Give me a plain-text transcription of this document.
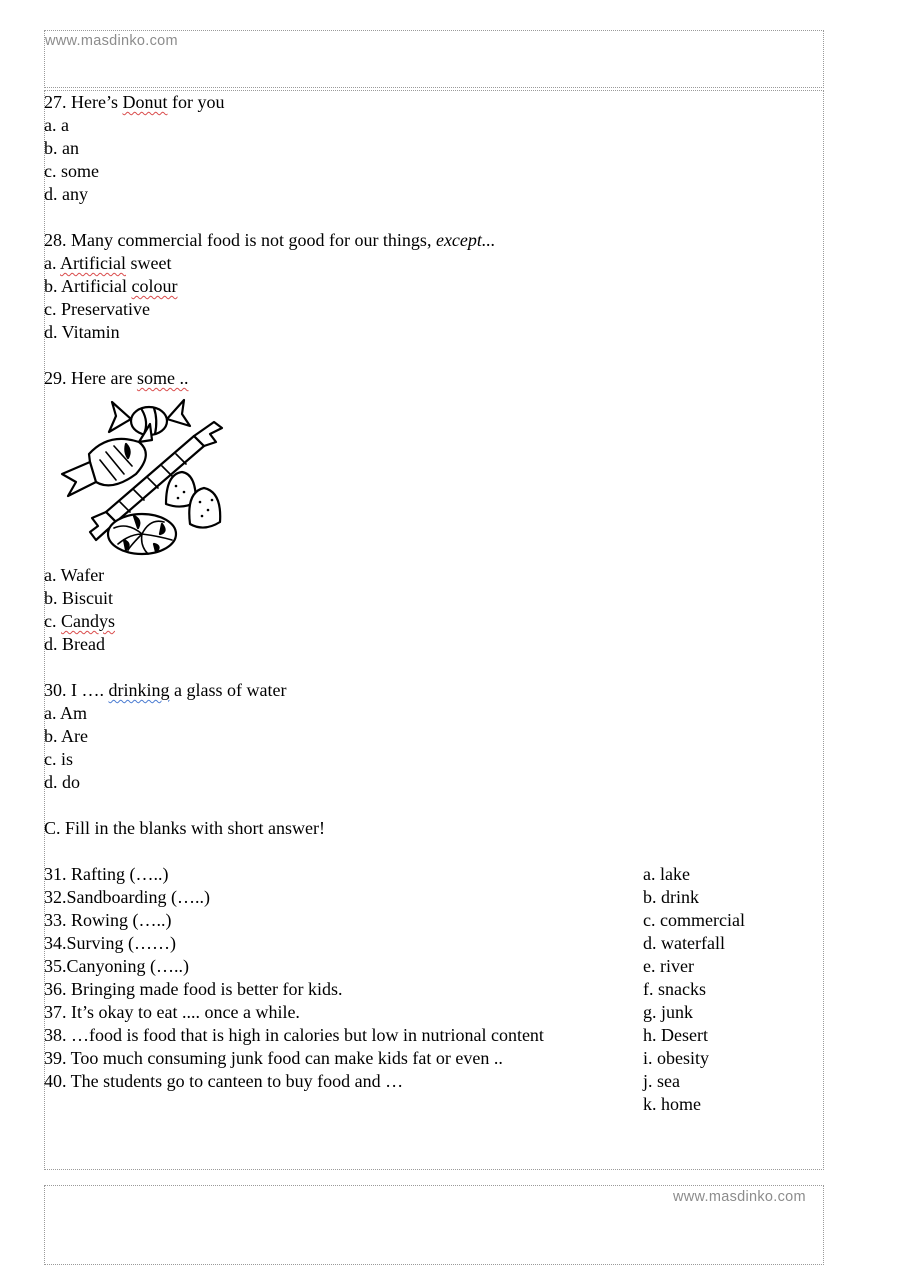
www.masdinko.com
www.masdinko.com
27. Here’s Donut for you
a. a
b. an
c. some
d. any
28. Many commercial food is not good for our things, except...
a. Artificial sweet
b. Artificial colour
c. Preservative
d. Vitamin
29. Here are some ..
a. Wafer
b. Biscuit
c. Candys
d. Bread
30. I …. drinking a glass of water
a. Am
b. Are
c. is
d. do
C. Fill in the blanks with short answer!
31. Rafting (…..)
32.Sandboarding (…..)
33. Rowing (…..)
34.Surving (……)
35.Canyoning (…..)
36. Bringing made food is better for kids.
37. It’s okay to eat .... once a while.
38. …food is food that is high in calories but low in nutrional content
39. Too much consuming junk food can make kids fat or even ..
40. The students go to canteen to buy food and …
a. lake
b. drink
c. commercial
d. waterfall
e. river
f. snacks
g. junk
h. Desert
i. obesity
j. sea
k. home
